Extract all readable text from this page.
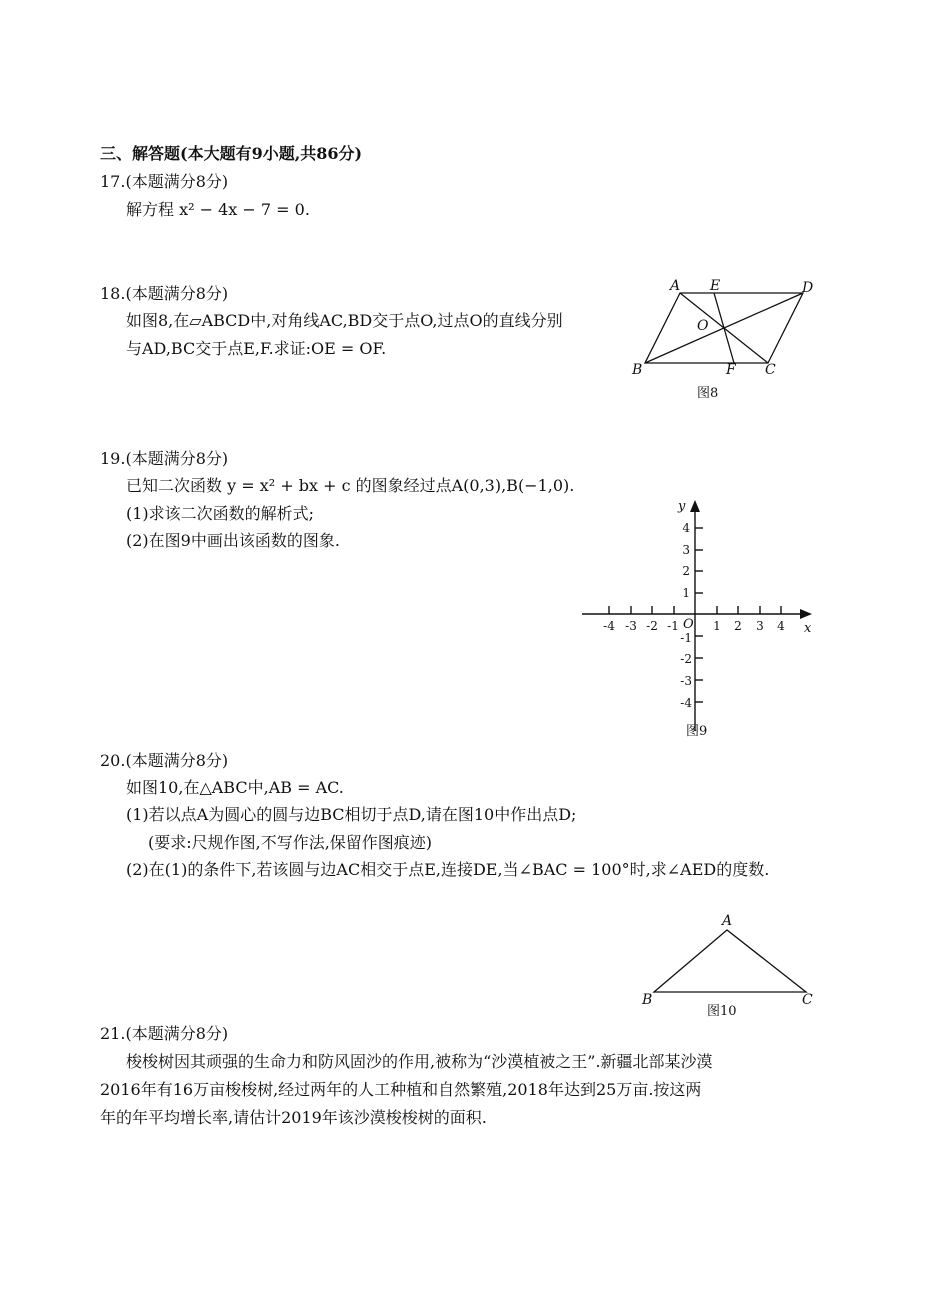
三、解答题(本大题有9小题,共86分)
17.(本题满分8分)
解方程 x² − 4x − 7 = 0.
18.(本题满分8分)
如图8,在▱ABCD中,对角线AC,BD交于点O,过点O的直线分别
与AD,BC交于点E,F.求证:OE = OF.
A E	D
O
B	F C
图8
19.(本题满分8分)
已知二次函数 y = x² + bx + c 的图象经过点A(0,3),B(−1,0).
(1)求该二次函数的解析式;
(2)在图9中画出该函数的图象.
y
x
O
-4 -3 -2 -1	1 2 3 4
4
3
2
1
-1
-2
-3
-4
图9
20.(本题满分8分)
如图10,在△ABC中,AB = AC.
(1)若以点A为圆心的圆与边BC相切于点D,请在图10中作出点D;
(要求:尺规作图,不写作法,保留作图痕迹)
(2)在(1)的条件下,若该圆与边AC相交于点E,连接DE,当∠BAC = 100°时,求∠AED的度数.
A
B	C
图10
21.(本题满分8分)
梭梭树因其顽强的生命力和防风固沙的作用,被称为“沙漠植被之王”.新疆北部某沙漠
2016年有16万亩梭梭树,经过两年的人工种植和自然繁殖,2018年达到25万亩.按这两
年的年平均增长率,请估计2019年该沙漠梭梭树的面积.
